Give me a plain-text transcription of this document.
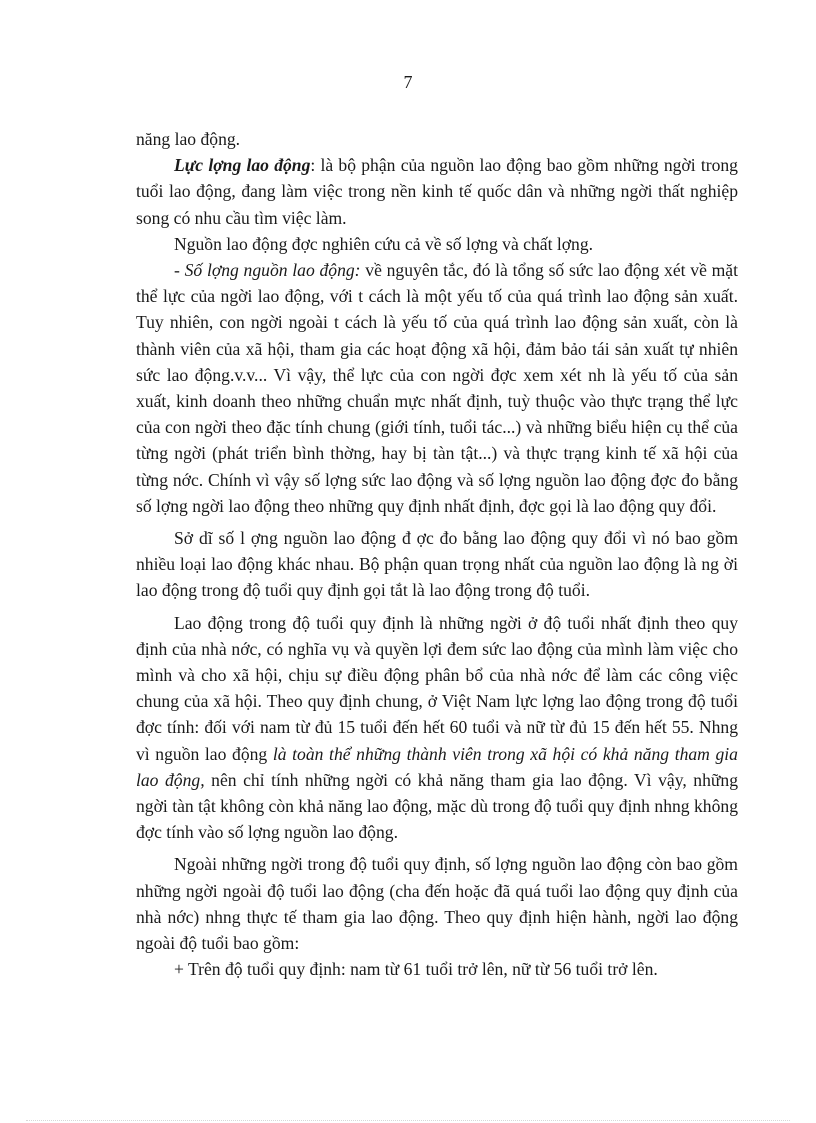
7

năng lao động.

Lực lợng lao động: là bộ phận của nguồn lao động bao gồm những ngời trong tuổi lao động, đang làm việc trong nền kinh tế quốc dân và những ngời thất nghiệp song có nhu cầu tìm việc làm.

Nguồn lao động đợc nghiên cứu cả về số lợng và chất lợng.

- Số lợng nguồn lao động: về nguyên tắc, đó là tổng số sức lao động xét về mặt thể lực của ngời lao động, với t cách là một yếu tố của quá trình lao động sản xuất. Tuy nhiên, con ngời ngoài t cách là yếu tố của quá trình lao động sản xuất, còn là thành viên của xã hội, tham gia các hoạt động xã hội, đảm bảo tái sản xuất tự nhiên sức lao động.v.v... Vì vậy, thể lực của con ngời đợc xem xét nh là yếu tố của sản xuất, kinh doanh theo những chuẩn mực nhất định, tuỳ thuộc vào thực trạng thể lực của con ngời theo đặc tính chung (giới tính, tuổi tác...) và những biểu hiện cụ thể của từng ngời (phát triển bình thờng, hay bị tàn tật...) và thực trạng kinh tế xã hội của từng nớc. Chính vì vậy số lợng sức lao động và số lợng nguồn lao động đợc đo bằng số lợng ngời lao động theo những quy định nhất định, đợc gọi là lao động quy đổi.

Sở dĩ số l ợng nguồn lao động đ ợc đo bằng lao động quy đổi vì nó bao gồm nhiều loại lao động khác nhau. Bộ phận quan trọng nhất của nguồn lao động là ng ời lao động trong độ tuổi quy định gọi tắt là lao động trong độ tuổi.

Lao động trong độ tuổi quy định là những ngời ở độ tuổi nhất định theo quy định của nhà nớc, có nghĩa vụ và quyền lợi đem sức lao động của mình làm việc cho mình và cho xã hội, chịu sự điều động phân bổ của nhà nớc để làm các công việc chung của xã hội. Theo quy định chung, ở Việt Nam lực lợng lao động trong độ tuổi đợc tính: đối với nam từ đủ 15 tuổi đến hết 60 tuổi và nữ từ đủ 15 đến hết 55. Nhng vì nguồn lao động là toàn thể những thành viên trong xã hội có khả năng tham gia lao động, nên chỉ tính những ngời có khả năng tham gia lao động. Vì vậy, những ngời tàn tật không còn khả năng lao động, mặc dù trong độ tuổi quy định nhng không đợc tính vào số lợng nguồn lao động.

Ngoài những ngời trong độ tuổi quy định, số lợng nguồn lao động còn bao gồm những ngời ngoài độ tuổi lao động (cha đến hoặc đã quá tuổi lao động quy định của nhà nớc) nhng thực tế tham gia lao động. Theo quy định hiện hành, ngời lao động ngoài độ tuổi bao gồm:

+ Trên độ tuổi quy định: nam từ 61 tuổi trở lên, nữ từ 56 tuổi trở lên.
